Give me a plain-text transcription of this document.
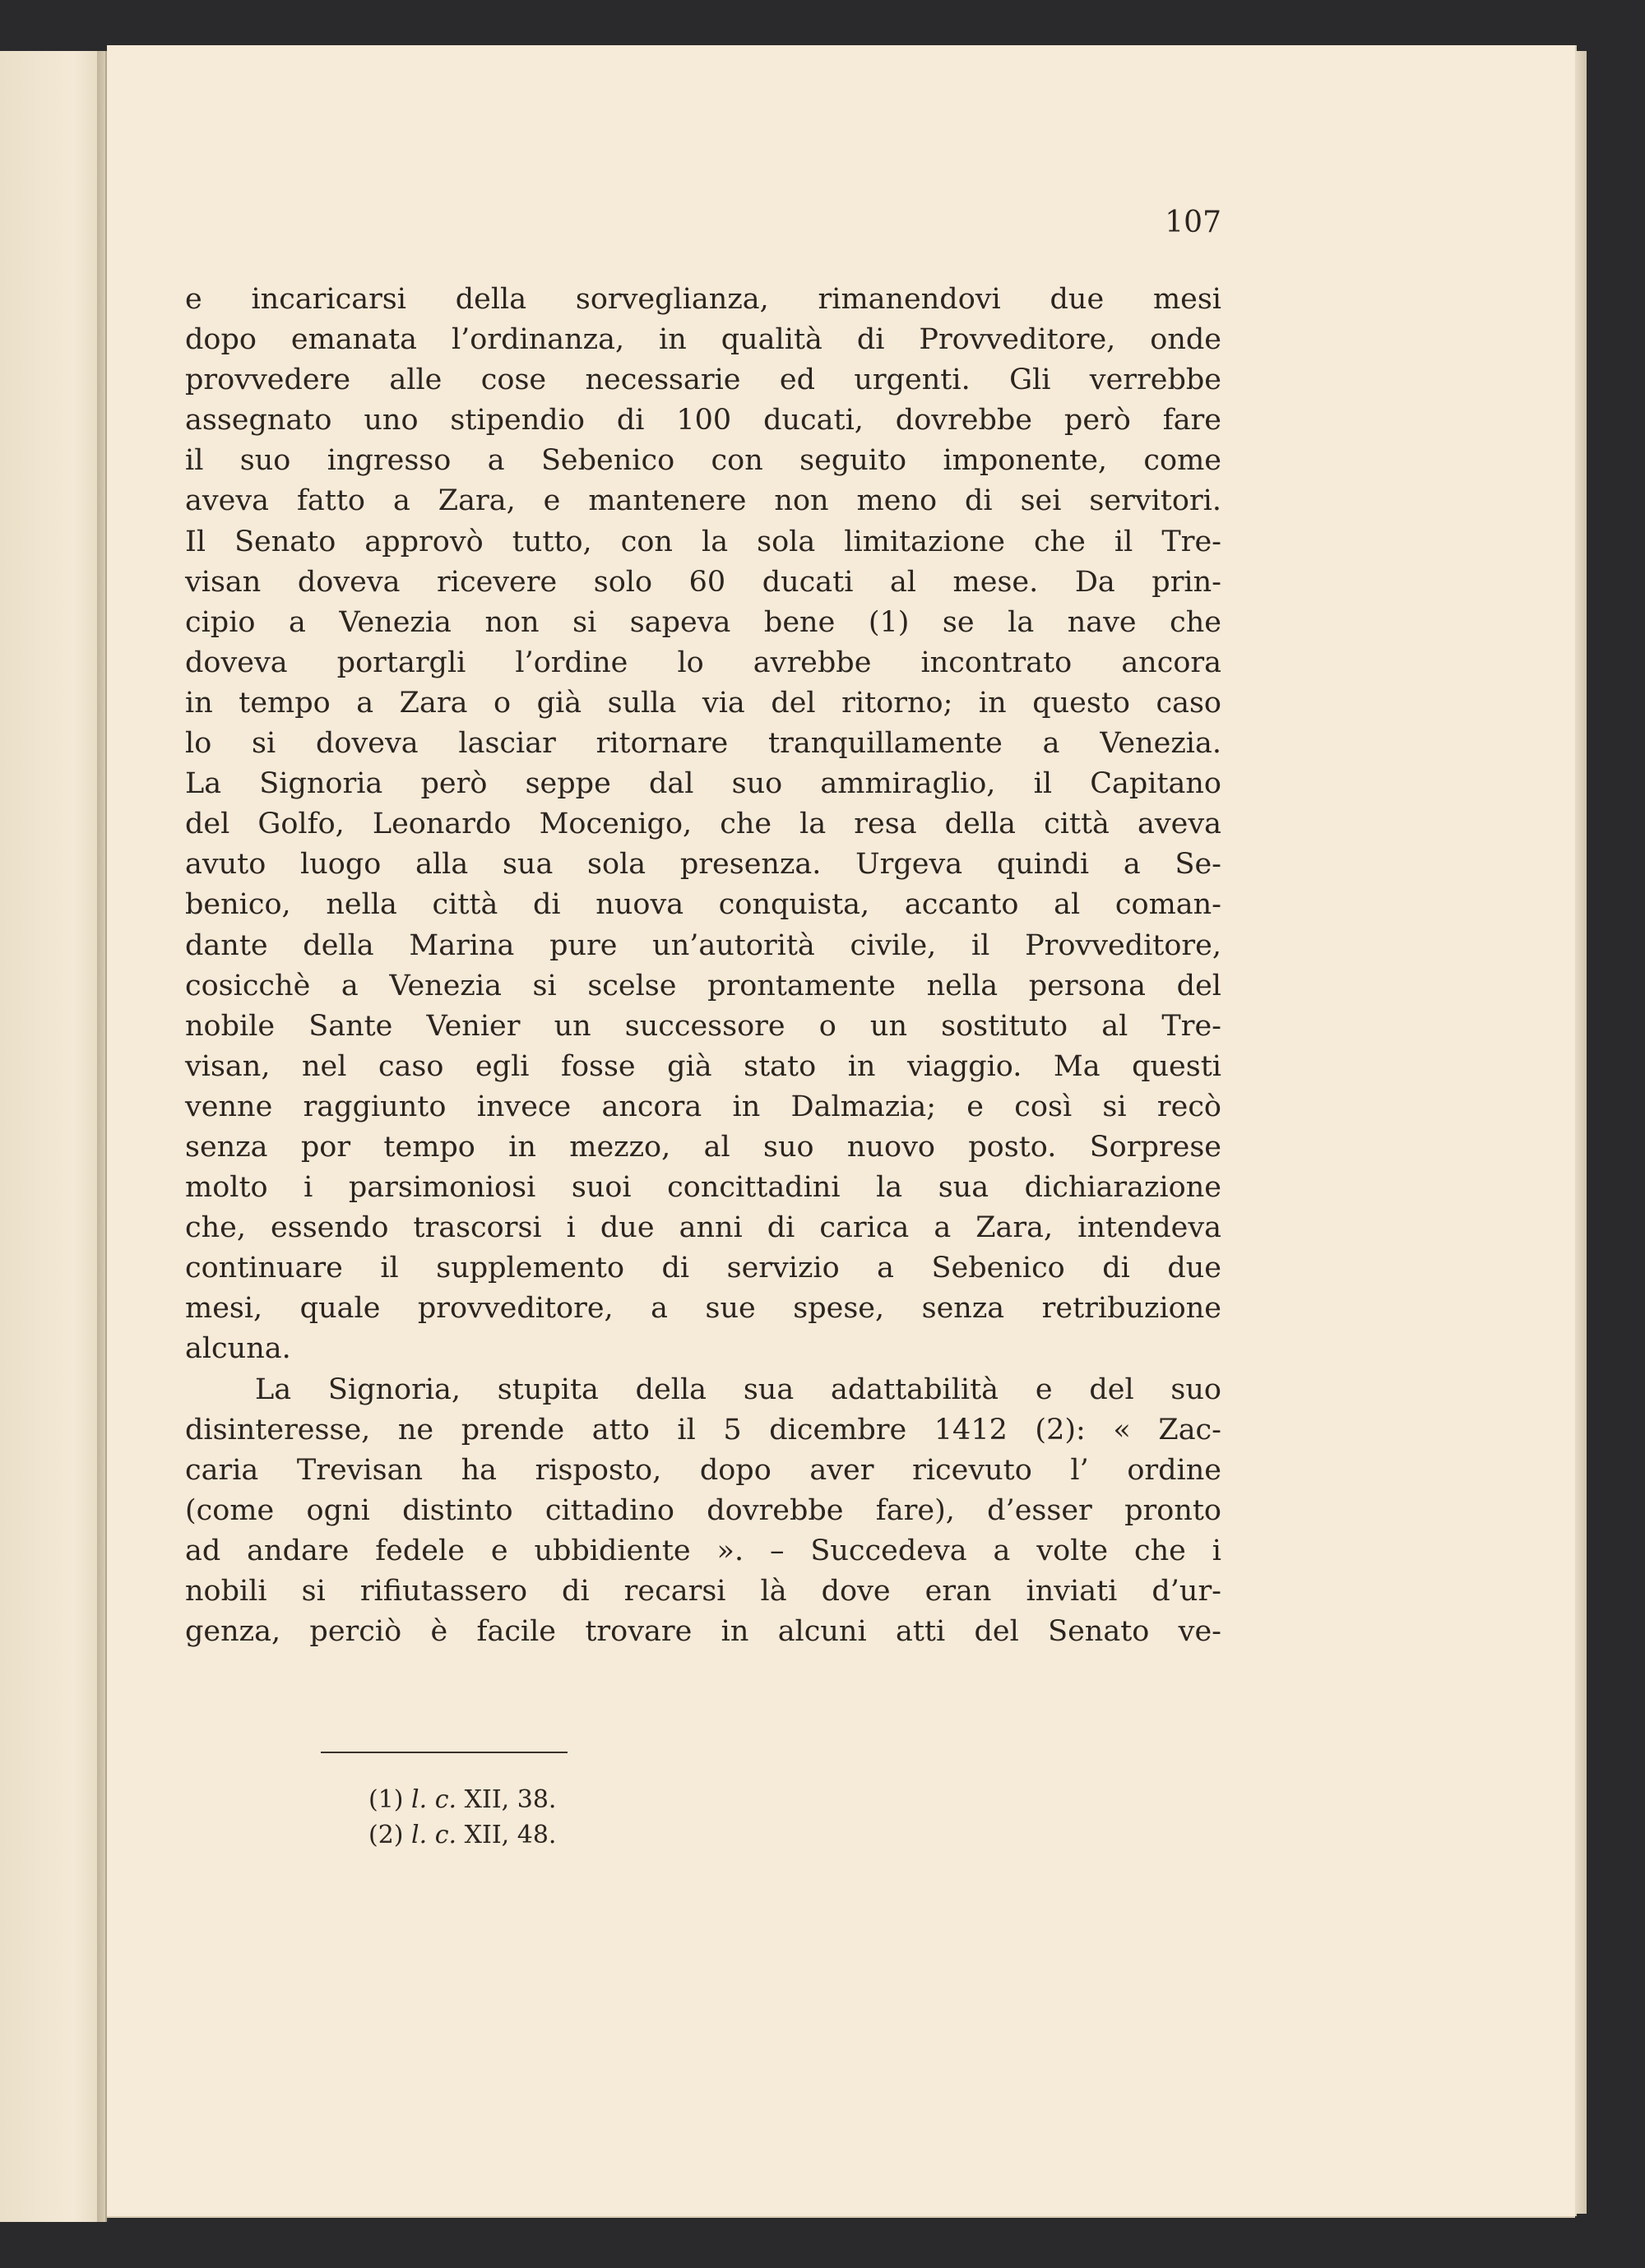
107
e incaricarsi della sorveglianza, rimanendovi due mesi
dopo emanata l’ordinanza, in qualità di Provveditore, onde
provvedere alle cose necessarie ed urgenti. Gli verrebbe
assegnato uno stipendio di 100 ducati, dovrebbe però fare
il suo ingresso a Sebenico con seguito imponente, come
aveva fatto a Zara, e mantenere non meno di sei servitori.
Il Senato approvò tutto, con la sola limitazione che il Tre-
visan doveva ricevere solo 60 ducati al mese. Da prin-
cipio a Venezia non si sapeva bene (1) se la nave che
doveva portargli l’ordine lo avrebbe incontrato ancora
in tempo a Zara o già sulla via del ritorno; in questo caso
lo si doveva lasciar ritornare tranquillamente a Venezia.
La Signoria però seppe dal suo ammiraglio, il Capitano
del Golfo, Leonardo Mocenigo, che la resa della città aveva
avuto luogo alla sua sola presenza. Urgeva quindi a Se-
benico, nella città di nuova conquista, accanto al coman-
dante della Marina pure un’autorità civile, il Provveditore,
cosicchè a Venezia si scelse prontamente nella persona del
nobile Sante Venier un successore o un sostituto al Tre-
visan, nel caso egli fosse già stato in viaggio. Ma questi
venne raggiunto invece ancora in Dalmazia; e così si recò
senza por tempo in mezzo, al suo nuovo posto. Sorprese
molto i parsimoniosi suoi concittadini la sua dichiarazione
che, essendo trascorsi i due anni di carica a Zara, intendeva
continuare il supplemento di servizio a Sebenico di due
mesi, quale provveditore, a sue spese, senza retribuzione
alcuna.
La Signoria, stupita della sua adattabilità e del suo
disinteresse, ne prende atto il 5 dicembre 1412 (2): « Zac-
caria Trevisan ha risposto, dopo aver ricevuto l’ ordine
(come ogni distinto cittadino dovrebbe fare), d’esser pronto
ad andare fedele e ubbidiente ». – Succedeva a volte che i
nobili si rifiutassero di recarsi là dove eran inviati d’ur-
genza, perciò è facile trovare in alcuni atti del Senato ve-
(1) l. c. XII, 38.
(2) l. c. XII, 48.
